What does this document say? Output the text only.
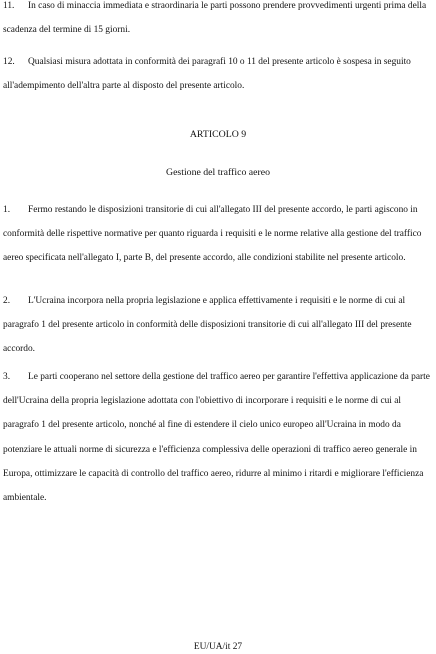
11. In caso di minaccia immediata e straordinaria le parti possono prendere provvedimenti urgenti prima della scadenza del termine di 15 giorni.

12. Qualsiasi misura adottata in conformità dei paragrafi 10 o 11 del presente articolo è sospesa in seguito all'adempimento dell'altra parte al disposto del presente articolo.

ARTICOLO 9

Gestione del traffico aereo

1. Fermo restando le disposizioni transitorie di cui all'allegato III del presente accordo, le parti agiscono in conformità delle rispettive normative per quanto riguarda i requisiti e le norme relative alla gestione del traffico aereo specificata nell'allegato I, parte B, del presente accordo, alle condizioni stabilite nel presente articolo.

2. L'Ucraina incorpora nella propria legislazione e applica effettivamente i requisiti e le norme di cui al paragrafo 1 del presente articolo in conformità delle disposizioni transitorie di cui all'allegato III del presente accordo.

3. Le parti cooperano nel settore della gestione del traffico aereo per garantire l'effettiva applicazione da parte dell'Ucraina della propria legislazione adottata con l'obiettivo di incorporare i requisiti e le norme di cui al paragrafo 1 del presente articolo, nonché al fine di estendere il cielo unico europeo all'Ucraina in modo da potenziare le attuali norme di sicurezza e l'efficienza complessiva delle operazioni di traffico aereo generale in Europa, ottimizzare le capacità di controllo del traffico aereo, ridurre al minimo i ritardi e migliorare l'efficienza ambientale.

EU/UA/it 27
